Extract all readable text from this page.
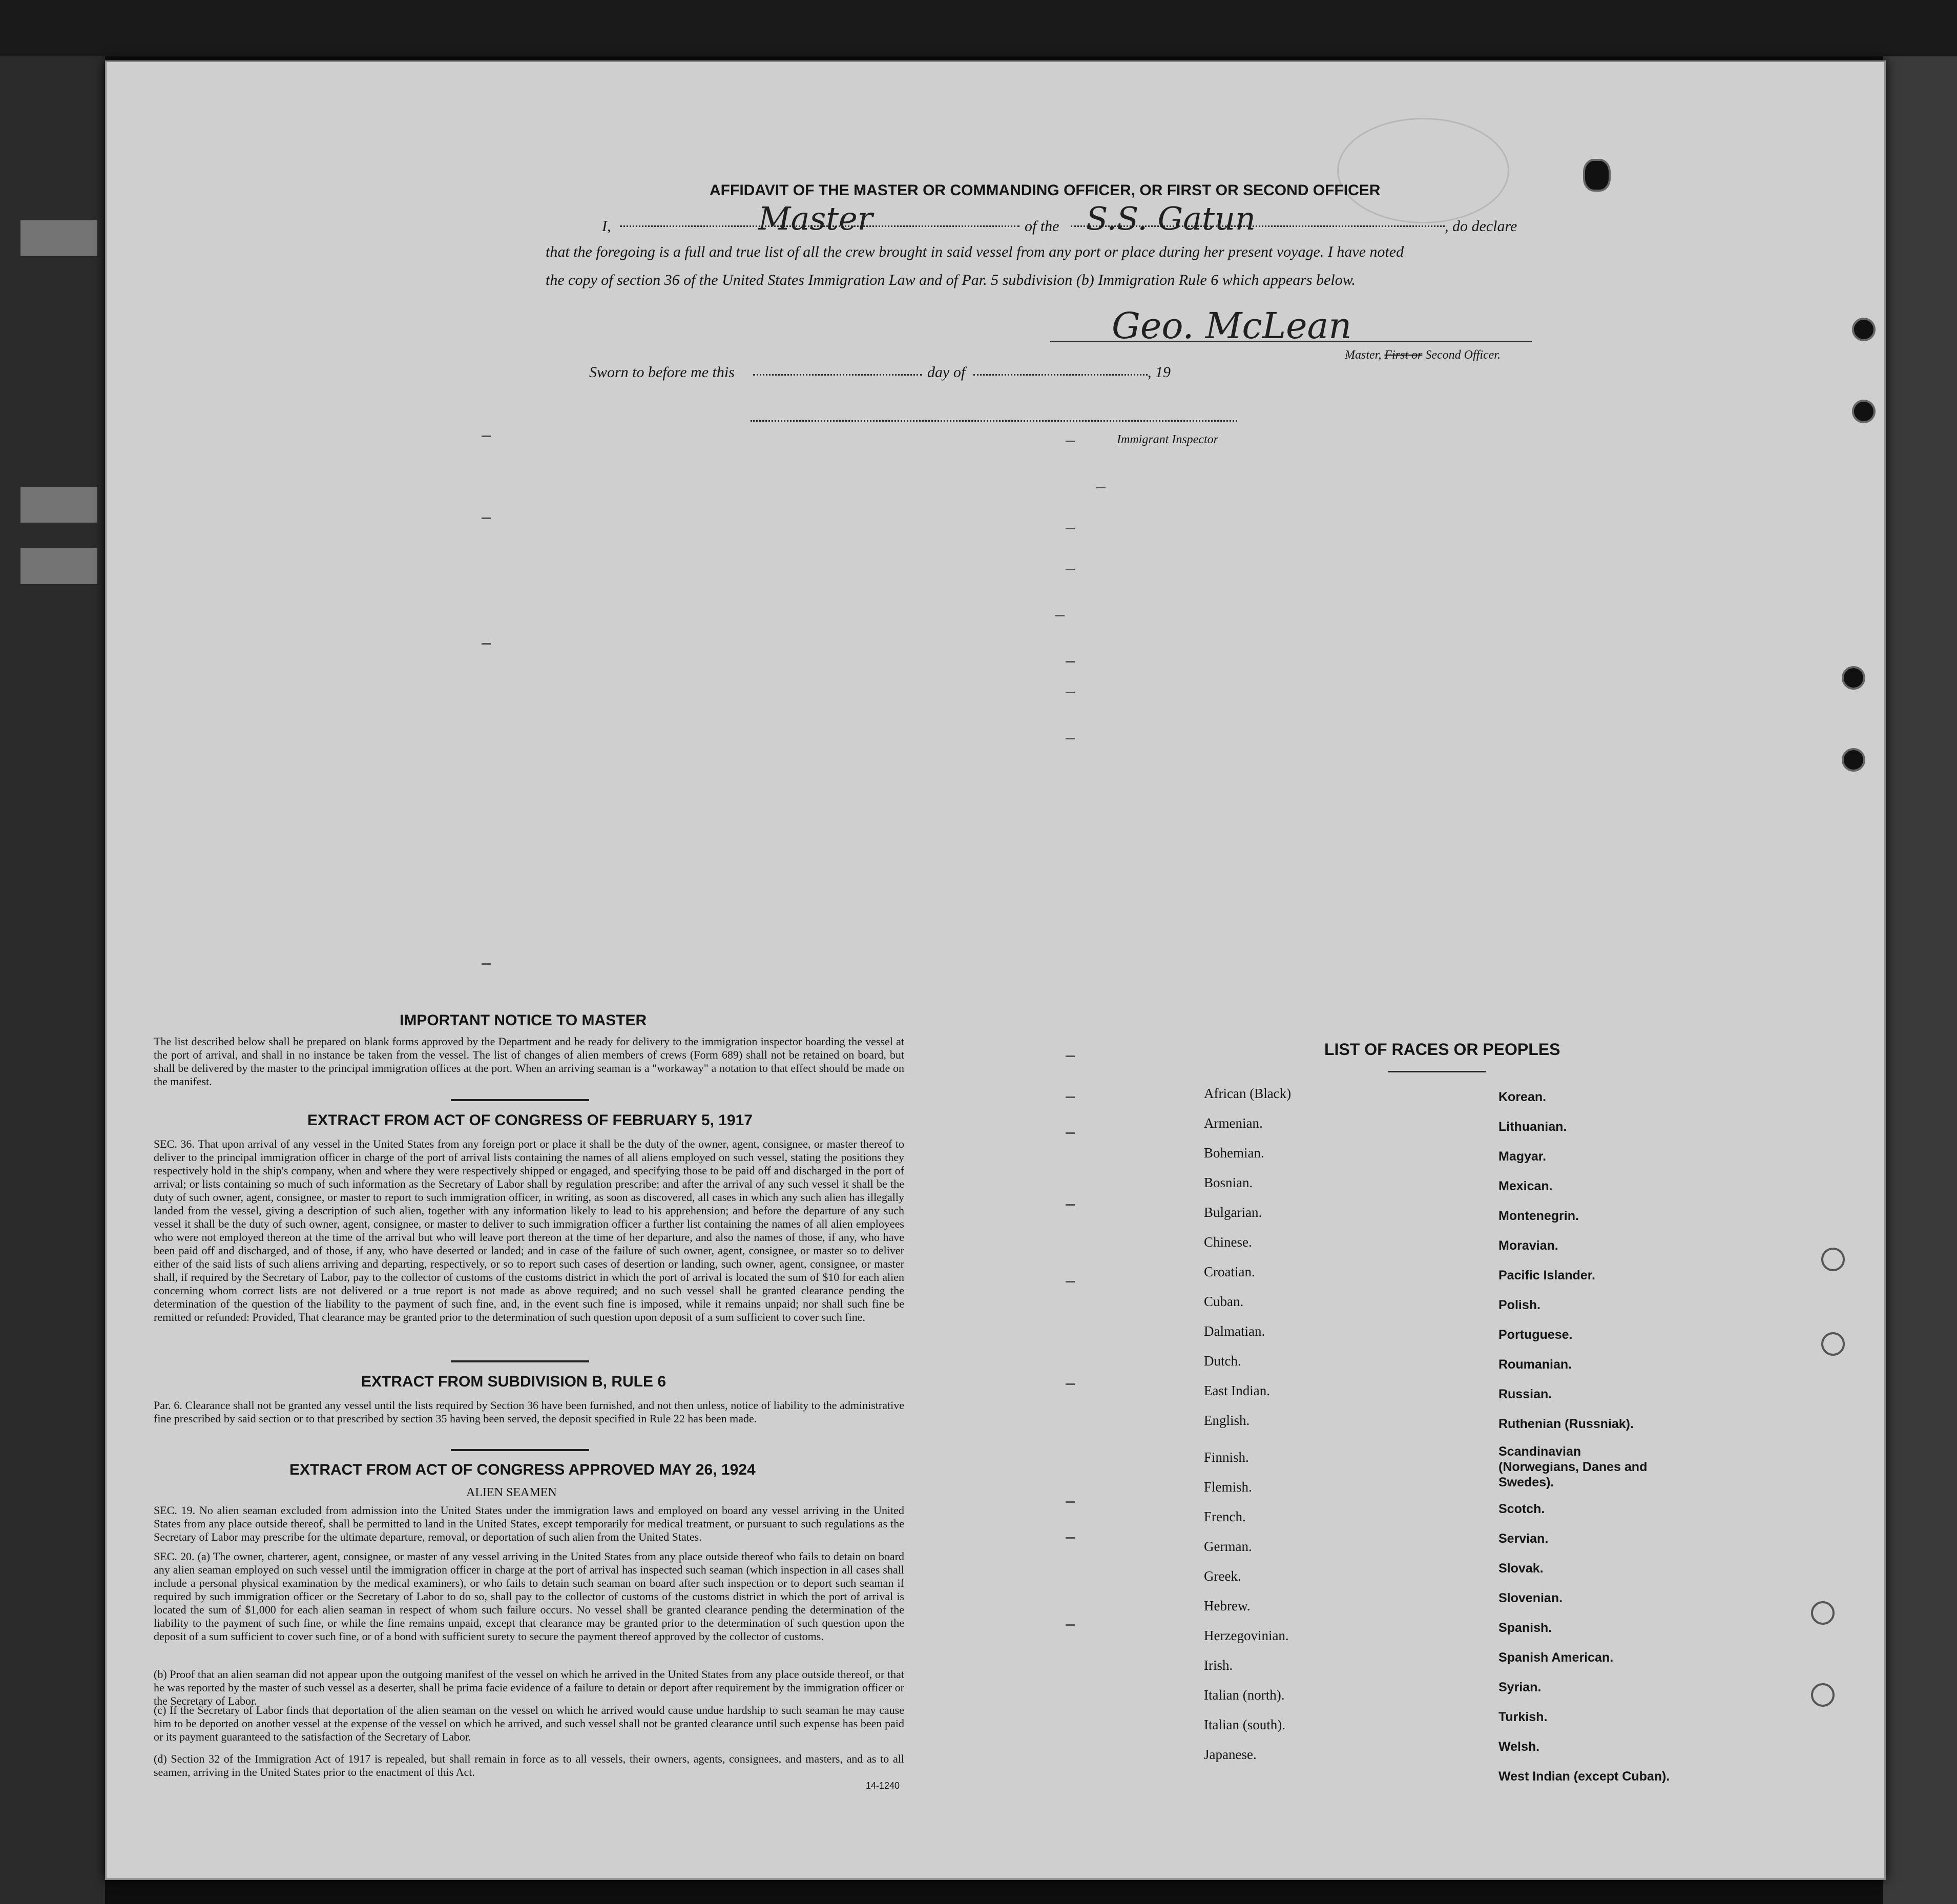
AFFIDAVIT OF THE MASTER OR COMMANDING OFFICER, OR FIRST OR SECOND OFFICER
I,	Master	of the S.S. Gatun	, do declare
that the foregoing is a full and true list of all the crew brought in said vessel from any port or place during her present voyage. I have noted
the copy of section 36 of the United States Immigration Law and of Par. 5 subdivision (b) Immigration Rule 6 which appears below.
Geo. McLean
Master, First or Second Officer.
Sworn to before me this	day of	, 19
Immigrant Inspector
IMPORTANT NOTICE TO MASTER
The list described below shall be prepared on blank forms approved by the Department and be ready for delivery to the immigration inspector boarding the vessel at the port of arrival, and shall in no instance be taken from the vessel. The list of changes of alien members of crews (Form 689) shall not be retained on board, but shall be delivered by the master to the principal immigration offices at the port. When an arriving seaman is a "workaway" a notation to that effect should be made on the manifest.
EXTRACT FROM ACT OF CONGRESS OF FEBRUARY 5, 1917
SEC. 36. That upon arrival of any vessel in the United States from any foreign port or place it shall be the duty of the owner, agent, consignee, or master thereof to deliver to the principal immigration officer in charge of the port of arrival lists containing the names of all aliens employed on such vessel, stating the positions they respectively hold in the ship's company, when and where they were respectively shipped or engaged, and specifying those to be paid off and discharged in the port of arrival; or lists containing so much of such information as the Secretary of Labor shall by regulation prescribe; and after the arrival of any such vessel it shall be the duty of such owner, agent, consignee, or master to report to such immigration officer, in writing, as soon as discovered, all cases in which any such alien has illegally landed from the vessel, giving a description of such alien, together with any information likely to lead to his apprehension; and before the departure of any such vessel it shall be the duty of such owner, agent, consignee, or master to deliver to such immigration officer a further list containing the names of all alien employees who were not employed thereon at the time of the arrival but who will leave port thereon at the time of her departure, and also the names of those, if any, who have been paid off and discharged, and of those, if any, who have deserted or landed; and in case of the failure of such owner, agent, consignee, or master so to deliver either of the said lists of such aliens arriving and departing, respectively, or so to report such cases of desertion or landing, such owner, agent, consignee, or master shall, if required by the Secretary of Labor, pay to the collector of customs of the customs district in which the port of arrival is located the sum of $10 for each alien concerning whom correct lists are not delivered or a true report is not made as above required; and no such vessel shall be granted clearance pending the determination of the question of the liability to the payment of such fine, and, in the event such fine is imposed, while it remains unpaid; nor shall such fine be remitted or refunded: Provided, That clearance may be granted prior to the determination of such question upon deposit of a sum sufficient to cover such fine.
EXTRACT FROM SUBDIVISION B, RULE 6
Par. 6. Clearance shall not be granted any vessel until the lists required by Section 36 have been furnished, and not then unless, notice of liability to the administrative fine prescribed by said section or to that prescribed by section 35 having been served, the deposit specified in Rule 22 has been made.
EXTRACT FROM ACT OF CONGRESS APPROVED MAY 26, 1924
ALIEN SEAMEN
SEC. 19. No alien seaman excluded from admission into the United States under the immigration laws and employed on board any vessel arriving in the United States from any place outside thereof, shall be permitted to land in the United States, except temporarily for medical treatment, or pursuant to such regulations as the Secretary of Labor may prescribe for the ultimate departure, removal, or deportation of such alien from the United States.
SEC. 20. (a) The owner, charterer, agent, consignee, or master of any vessel arriving in the United States from any place outside thereof who fails to detain on board any alien seaman employed on such vessel until the immigration officer in charge at the port of arrival has inspected such seaman (which inspection in all cases shall include a personal physical examination by the medical examiners), or who fails to detain such seaman on board after such inspection or to deport such seaman if required by such immigration officer or the Secretary of Labor to do so, shall pay to the collector of customs of the customs district in which the port of arrival is located the sum of $1,000 for each alien seaman in respect of whom such failure occurs. No vessel shall be granted clearance pending the determination of the liability to the payment of such fine, or while the fine remains unpaid, except that clearance may be granted prior to the determination of such question upon the deposit of a sum sufficient to cover such fine, or of a bond with sufficient surety to secure the payment thereof approved by the collector of customs.
(b) Proof that an alien seaman did not appear upon the outgoing manifest of the vessel on which he arrived in the United States from any place outside thereof, or that he was reported by the master of such vessel as a deserter, shall be prima facie evidence of a failure to detain or deport after requirement by the immigration officer or the Secretary of Labor.
(c) If the Secretary of Labor finds that deportation of the alien seaman on the vessel on which he arrived would cause undue hardship to such seaman he may cause him to be deported on another vessel at the expense of the vessel on which he arrived, and such vessel shall not be granted clearance until such expense has been paid or its payment guaranteed to the satisfaction of the Secretary of Labor.
(d) Section 32 of the Immigration Act of 1917 is repealed, but shall remain in force as to all vessels, their owners, agents, consignees, and masters, and as to all seamen, arriving in the United States prior to the enactment of this Act.
14-1240
LIST OF RACES OR PEOPLES
African (Black)
Armenian.
Bohemian.
Bosnian.
Bulgarian.
Chinese.
Croatian.
Cuban.
Dalmatian.
Dutch.
East Indian.
English.
Finnish.
Flemish.
French.
German.
Greek.
Hebrew.
Herzegovinian.
Irish.
Italian (north).
Italian (south).
Japanese.
Korean.
Lithuanian.
Magyar.
Mexican.
Montenegrin.
Moravian.
Pacific Islander.
Polish.
Portuguese.
Roumanian.
Russian.
Ruthenian (Russniak).
Scandinavian (Norwegians, Danes and Swedes).
Scotch.
Servian.
Slovak.
Slovenian.
Spanish.
Spanish American.
Syrian.
Turkish.
Welsh.
West Indian (except Cuban).
